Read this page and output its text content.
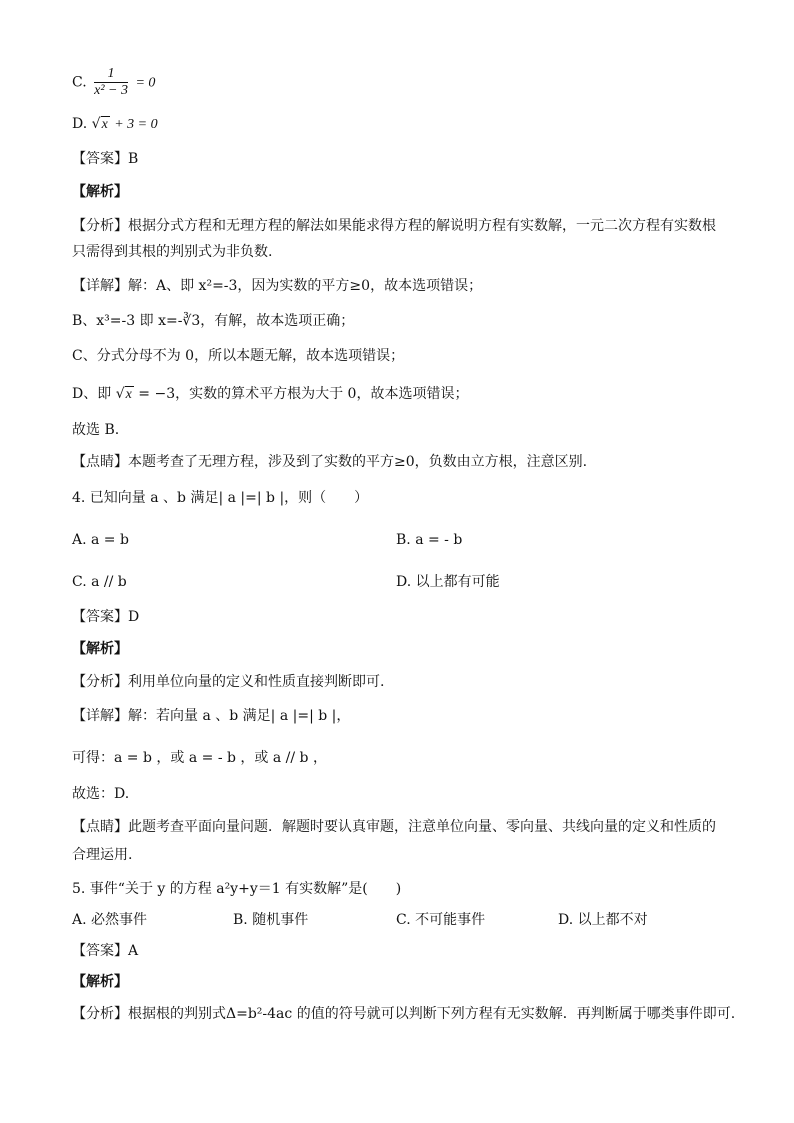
C. $\frac{1}{\text{x² − 3}} = 0$
D. √x + 3 = 0
【答案】B
【解析】
【分析】根据分式方程和无理方程的解法如果能求得方程的解说明方程有实数解，一元二次方程有实数根
只需得到其根的判别式为非负数.
【详解】解：A、即 x²=-3，因为实数的平方≥0，故本选项错误；
B、x³=-3 即 x=-∛3，有解，故本选项正确；
C、分式分母不为 0，所以本题无解，故本选项错误；
D、即 √x = −3，实数的算术平方根为大于 0，故本选项错误；
故选 B.
【点睛】本题考查了无理方程，涉及到了实数的平方≥0，负数由立方根，注意区别.
4. 已知向量 a 、b 满足| a |=| b |，则（　　）
A. a = b	B. a = - b
C. a // b	D. 以上都有可能
【答案】D
【解析】
【分析】利用单位向量的定义和性质直接判断即可.
【详解】解：若向量 a 、b 满足| a |=| b |，
可得：a = b ，或 a = - b ，或 a // b ，
故选：D.
【点睛】此题考查平面向量问题．解题时要认真审题，注意单位向量、零向量、共线向量的定义和性质的
合理运用.
5. 事件“关于 y 的方程 a²y+y＝1 有实数解”是(　　)
A. 必然事件	B. 随机事件	C. 不可能事件	D. 以上都不对
【答案】A
【解析】
【分析】根据根的判别式Δ=b²-4ac 的值的符号就可以判断下列方程有无实数解．再判断属于哪类事件即可.
